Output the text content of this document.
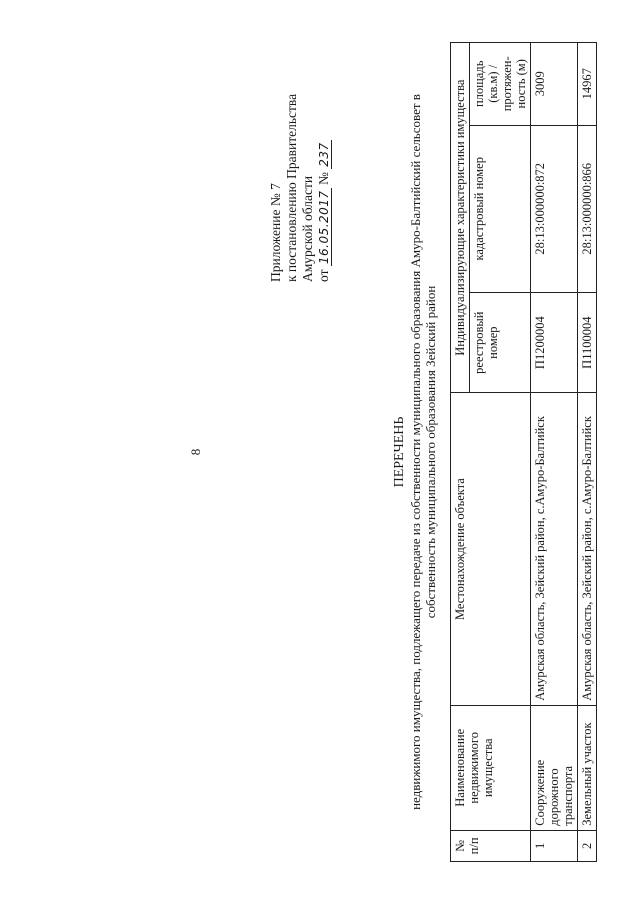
8
Приложение № 7 к постановлению Правительства Амурской области от 16.05.2017 № 237
ПЕРЕЧЕНЬ недвижимого имущества, подлежащего передаче из собственности муниципального образования Амуро-Балтийский сельсовет в собственность муниципального образования Зейский район
№ п/п	Наименование недвижимого имущества	Местонахождение объекта	Индивидуализирующие характеристики имущества		
			реестровый номер	кадастровый номер	площадь (кв.м) / протяжен-ность (м)
1	Сооружение дорожного транспорта	Амурская область, Зейский район, с.Амуро-Балтийск	П1200004	28:13:000000:872	3009
2	Земельный участок	Амурская область, Зейский район, с.Амуро-Балтийск	П1100004	28:13:000000:866	14967
